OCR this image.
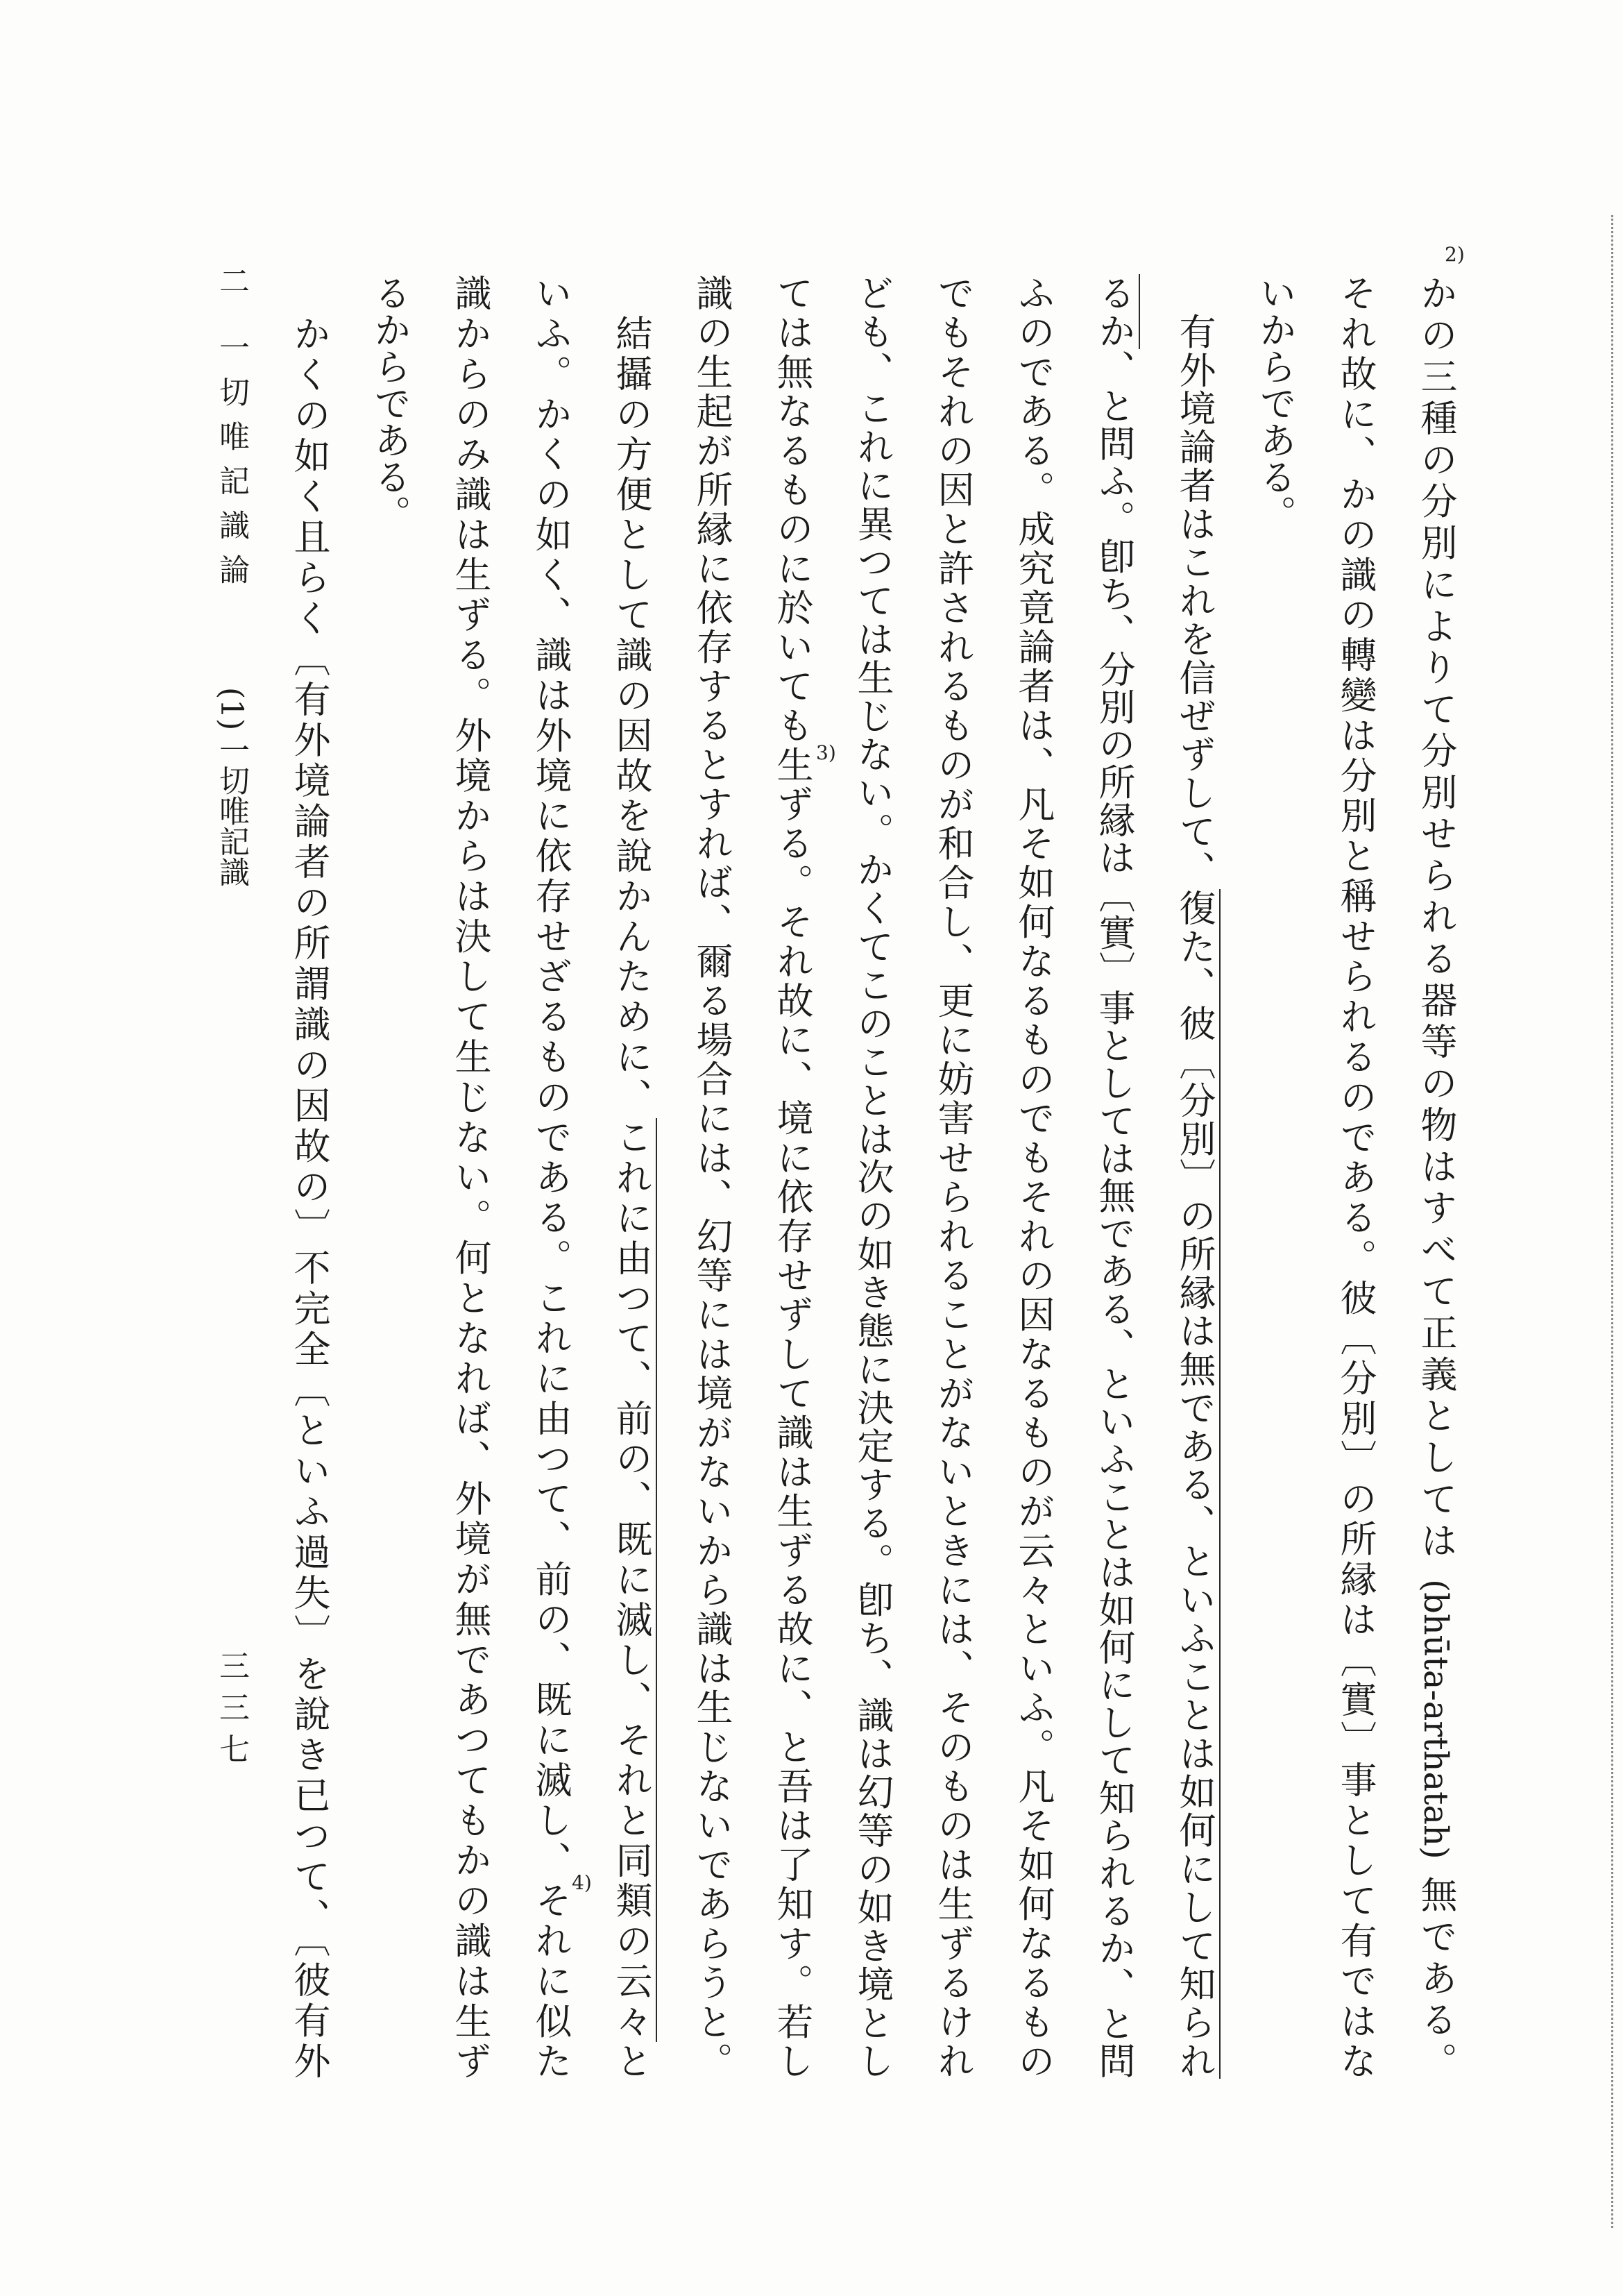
かの三種の分別によりて分別せられる器等の物はすべて正義としては (bhūta-arthatah) 無である。
それ故に、かの識の轉變は分別と稱せられるのである。彼〔分別〕の所縁は〔實〕事として有ではな
いからである。
　有外境論者はこれを信ぜずして、復た、彼〔分別〕の所縁は無である、といふことは如何にして知られ
るか、と問ふ。卽ち、分別の所縁は〔實〕事としては無である、といふことは如何にして知られるか、と問
ふのである。成究竟論者は、凡そ如何なるものでもそれの因なるものが云々といふ。凡そ如何なるもの
でもそれの因と許されるものが和合し、更に妨害せられることがないときには、そのものは生ずるけれ
ども、これに異つては生じない。かくてこのことは次の如き態に決定する。卽ち、識は幻等の如き境とし
ては無なるものに於いても生ずる。それ故に、境に依存せずして識は生ずる故に、と吾は了知す。若し
識の生起が所縁に依存するとすれば、爾る場合には、幻等には境がないから識は生じないであらうと。
　結攝の方便として識の因故を說かんために、これに由つて、前の、既に滅し、それと同類の云々と
いふ。かくの如く、識は外境に依存せざるものである。これに由つて、前の、既に滅し、それに似た
識からのみ識は生ずる。外境からは決して生じない。何となれば、外境が無であつてもかの識は生ず
るからである。
　かくの如く且らく〔有外境論者の所謂識の因故の〕不完全〔といふ過失〕を說き已つて、〔彼有外
2)
3)
4)
二
一切唯記識論
(1)
一切唯記識
三三七
